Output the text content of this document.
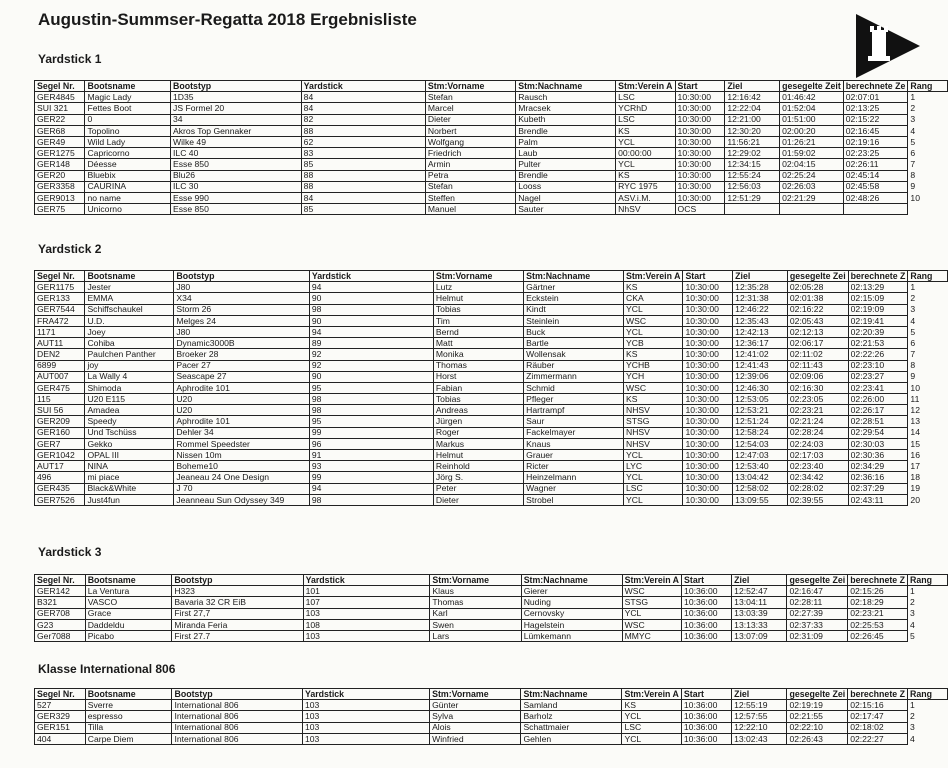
Augustin-Summser-Regatta 2018 Ergebnisliste
Yardstick 1
Segel Nr.	Bootsname	Bootstyp	Yardstick	Stm:Vorname	Stm:Nachname	Stm:Verein A	Start	Ziel	gesegelte Zeit	berechnete Ze	Rang
GER4845	Magic Lady	1D35	84	Stefan	Rausch	LSC	10:30:00	12:16:42	01:46:42	02:07:01	1
SUI 321	Fettes Boot	JS Formel 20	84	Marcel	Mracsek	YCRhD	10:30:00	12:22:04	01:52:04	02:13:25	2
GER22	0	34	82	Dieter	Kubeth	LSC	10:30:00	12:21:00	01:51:00	02:15:22	3
GER68	Topolino	Akros Top Gennaker	88	Norbert	Brendle	KS	10:30:00	12:30:20	02:00:20	02:16:45	4
GER49	Wild Lady	Wilke 49	62	Wolfgang	Palm	YCL	10:30:00	11:56:21	01:26:21	02:19:16	5
GER1275	Capricorno	ILC 40	83	Friedrich	Laub	00:00:00	10:30:00	12:29:02	01:59:02	02:23:25	6
GER148	Déesse	Esse 850	85	Armin	Pulter	YCL	10:30:00	12:34:15	02:04:15	02:26:11	7
GER20	Bluebix	Blu26	88	Petra	Brendle	KS	10:30:00	12:55:24	02:25:24	02:45:14	8
GER3358	CAURINA	ILC 30	88	Stefan	Looss	RYC 1975	10:30:00	12:56:03	02:26:03	02:45:58	9
GER9013	no name	Esse 990	84	Steffen	Nagel	ASV.i.M.	10:30:00	12:51:29	02:21:29	02:48:26	10
GER75	Unicorno	Esse 850	85	Manuel	Sauter	NhSV	OCS				
Yardstick 2
Segel Nr.	Bootsname	Bootstyp	Yardstick	Stm:Vorname	Stm:Nachname	Stm:Verein A	Start	Ziel	gesegelte Zei	berechnete Z	Rang
GER1175	Jester	J80	94	Lutz	Gärtner	KS	10:30:00	12:35:28	02:05:28	02:13:29	1
GER133	EMMA	X34	90	Helmut	Eckstein	CKA	10:30:00	12:31:38	02:01:38	02:15:09	2
GER7544	Schiffschaukel	Storm 26	98	Tobias	Kindt	YCL	10:30:00	12:46:22	02:16:22	02:19:09	3
FRA472	U.D.	Melges 24	90	Tim	Steinlein	WSC	10:30:00	12:35:43	02:05:43	02:19:41	4
1171	Joey	J80	94	Bernd	Buck	YCL	10:30:00	12:42:13	02:12:13	02:20:39	5
AUT11	Cohiba	Dynamic3000B	89	Matt	Bartle	YCB	10:30:00	12:36:17	02:06:17	02:21:53	6
DEN2	Paulchen Panther	Broeker 28	92	Monika	Wollensak	KS	10:30:00	12:41:02	02:11:02	02:22:26	7
6899	joy	Pacer 27	92	Thomas	Räuber	YCHB	10:30:00	12:41:43	02:11:43	02:23:10	8
AUT007	La Wally 4	Seascape 27	90	Horst	Zimmermann	YCH	10:30:00	12:39:06	02:09:06	02:23:27	9
GER475	Shimoda	Aphrodite 101	95	Fabian	Schmid	WSC	10:30:00	12:46:30	02:16:30	02:23:41	10
115	U20 E115	U20	98	Tobias	Pfleger	KS	10:30:00	12:53:05	02:23:05	02:26:00	11
SUI 56	Amadea	U20	98	Andreas	Hartrampf	NHSV	10:30:00	12:53:21	02:23:21	02:26:17	12
GER209	Speedy	Aphrodite 101	95	Jürgen	Saur	STSG	10:30:00	12:51:24	02:21:24	02:28:51	13
GER160	Und Tschüss	Dehler 34	99	Roger	Fackelmayer	NHSV	10:30:00	12:58:24	02:28:24	02:29:54	14
GER7	Gekko	Rommel Speedster	96	Markus	Knaus	NHSV	10:30:00	12:54:03	02:24:03	02:30:03	15
GER1042	OPAL III	Nissen 10m	91	Helmut	Grauer	YCL	10:30:00	12:47:03	02:17:03	02:30:36	16
AUT17	NINA	Boheme10	93	Reinhold	Ricter	LYC	10:30:00	12:53:40	02:23:40	02:34:29	17
496	mi piace	Jeaneau 24 One Design	99	Jörg S.	Heinzelmann	YCL	10:30:00	13:04:42	02:34:42	02:36:16	18
GER435	Black&White	J 70	94	Peter	Wagner	LSC	10:30:00	12:58:02	02:28:02	02:37:29	19
GER7526	Just4fun	Jeanneau Sun Odyssey 349	98	Dieter	Strobel	YCL	10:30:00	13:09:55	02:39:55	02:43:11	20
Yardstick 3
Segel Nr.	Bootsname	Bootstyp	Yardstick	Stm:Vorname	Stm:Nachname	Stm:Verein A	Start	Ziel	gesegelte Zei	berechnete Z	Rang
GER142	La Ventura	H323	101	Klaus	Gierer	WSC	10:36:00	12:52:47	02:16:47	02:15:26	1
B321	VASCO	Bavaria 32 CR EiB	107	Thomas	Nuding	STSG	10:36:00	13:04:11	02:28:11	02:18:29	2
GER708	Grace	First 27,7	103	Karl	Cernovsky	YCL	10:36:00	13:03:39	02:27:39	02:23:21	3
G23	Daddeldu	Miranda Feria	108	Swen	Hagelstein	WSC	10:36:00	13:13:33	02:37:33	02:25:53	4
Ger7088	Picabo	First 27.7	103	Lars	Lümkemann	MMYC	10:36:00	13:07:09	02:31:09	02:26:45	5
Klasse International 806
Segel Nr.	Bootsname	Bootstyp	Yardstick	Stm:Vorname	Stm:Nachname	Stm:Verein A	Start	Ziel	gesegelte Zei	berechnete Z	Rang
527	Sverre	International 806	103	Günter	Samland	KS	10:36:00	12:55:19	02:19:19	02:15:16	1
GER329	espresso	International 806	103	Sylva	Barholz	YCL	10:36:00	12:57:55	02:21:55	02:17:47	2
GER151	Tilla	International 806	103	Alois	Schattmaier	LSC	10:36:00	12:22:10	02:22:10	02:18:02	3
404	Carpe Diem	International 806	103	Winfried	Gehlen	YCL	10:36:00	13:02:43	02:26:43	02:22:27	4
